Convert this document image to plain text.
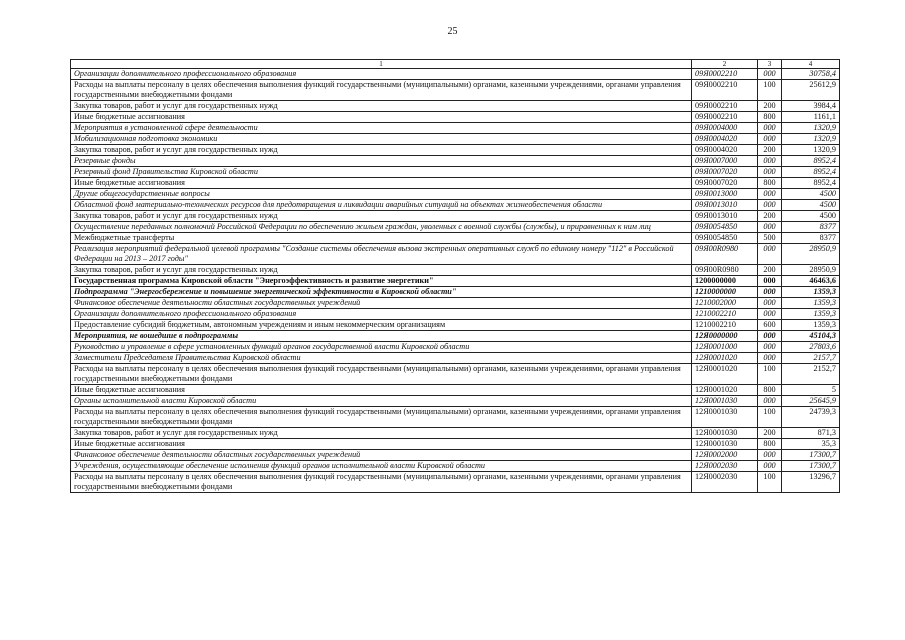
25
1	2	3	4
Организации дополнительного профессионального образования	09Я0002210	000	30758,4
Расходы на выплаты персоналу в целях обеспечения выполнения функций государственными (муниципальными) органами, казенными учреждениями, органами управления государственными внебюджетными фондами	09Я0002210	100	25612,9
Закупка товаров, работ и услуг для государственных нужд	09Я0002210	200	3984,4
Иные бюджетные ассигнования	09Я0002210	800	1161,1
Мероприятия в установленной сфере деятельности	09Я0004000	000	1320,9
Мобилизационная подготовка экономики	09Я0004020	000	1320,9
Закупка товаров, работ и услуг для государственных нужд	09Я0004020	200	1320,9
Резервные фонды	09Я0007000	000	8952,4
Резервный фонд Правительства Кировской области	09Я0007020	000	8952,4
Иные бюджетные ассигнования	09Я0007020	800	8952,4
Другие общегосударственные вопросы	09Я0013000	000	4500
Областной фонд материально-технических ресурсов для предотвращения и ликвидации аварийных ситуаций на объектах жизнеобеспечения области	09Я0013010	000	4500
Закупка товаров, работ и услуг для государственных нужд	09Я0013010	200	4500
Осуществление переданных полномочий Российской Федерации по обеспечению жильем граждан, уволенных с военной службы (службы), и приравненных к ним лиц	09Я0054850	000	8377
Межбюджетные трансферты	09Я0054850	500	8377
Реализация мероприятий федеральной целевой программы "Создание системы обеспечения вызова экстренных оперативных служб по единому номеру "112" в Российской Федерации на 2013 – 2017 годы"	09Я00R0980	000	28950,9
Закупка товаров, работ и услуг для государственных нужд	09Я00R0980	200	28950,9
Государственная программа Кировской области "Энергоэффективность и развитие энергетики"	1200000000	000	46463,6
Подпрограмма "Энергосбережение и повышение энергетической эффективности в Кировской области"	1210000000	000	1359,3
Финансовое обеспечение деятельности областных государственных учреждений	1210002000	000	1359,3
Организации дополнительного профессионального образования	1210002210	000	1359,3
Предоставление субсидий бюджетным, автономным учреждениям и иным некоммерческим организациям	1210002210	600	1359,3
Мероприятия, не вошедшие в подпрограммы	12Я0000000	000	45104,3
Руководство и управление в сфере установленных функций органов государственной власти Кировской области	12Я0001000	000	27803,6
Заместители Председателя Правительства Кировской области	12Я0001020	000	2157,7
Расходы на выплаты персоналу в целях обеспечения выполнения функций государственными (муниципальными) органами, казенными учреждениями, органами управления государственными внебюджетными фондами	12Я0001020	100	2152,7
Иные бюджетные ассигнования	12Я0001020	800	5
Органы исполнительной власти Кировской области	12Я0001030	000	25645,9
Расходы на выплаты персоналу в целях обеспечения выполнения функций государственными (муниципальными) органами, казенными учреждениями, органами управления государственными внебюджетными фондами	12Я0001030	100	24739,3
Закупка товаров, работ и услуг для государственных нужд	12Я0001030	200	871,3
Иные бюджетные ассигнования	12Я0001030	800	35,3
Финансовое обеспечение деятельности областных государственных учреждений	12Я0002000	000	17300,7
Учреждения, осуществляющие обеспечение исполнения функций органов исполнительной власти Кировской области	12Я0002030	000	17300,7
Расходы на выплаты персоналу в целях обеспечения выполнения функций государственными (муниципальными) органами, казенными учреждениями, органами управления государственными внебюджетными фондами	12Я0002030	100	13296,7
